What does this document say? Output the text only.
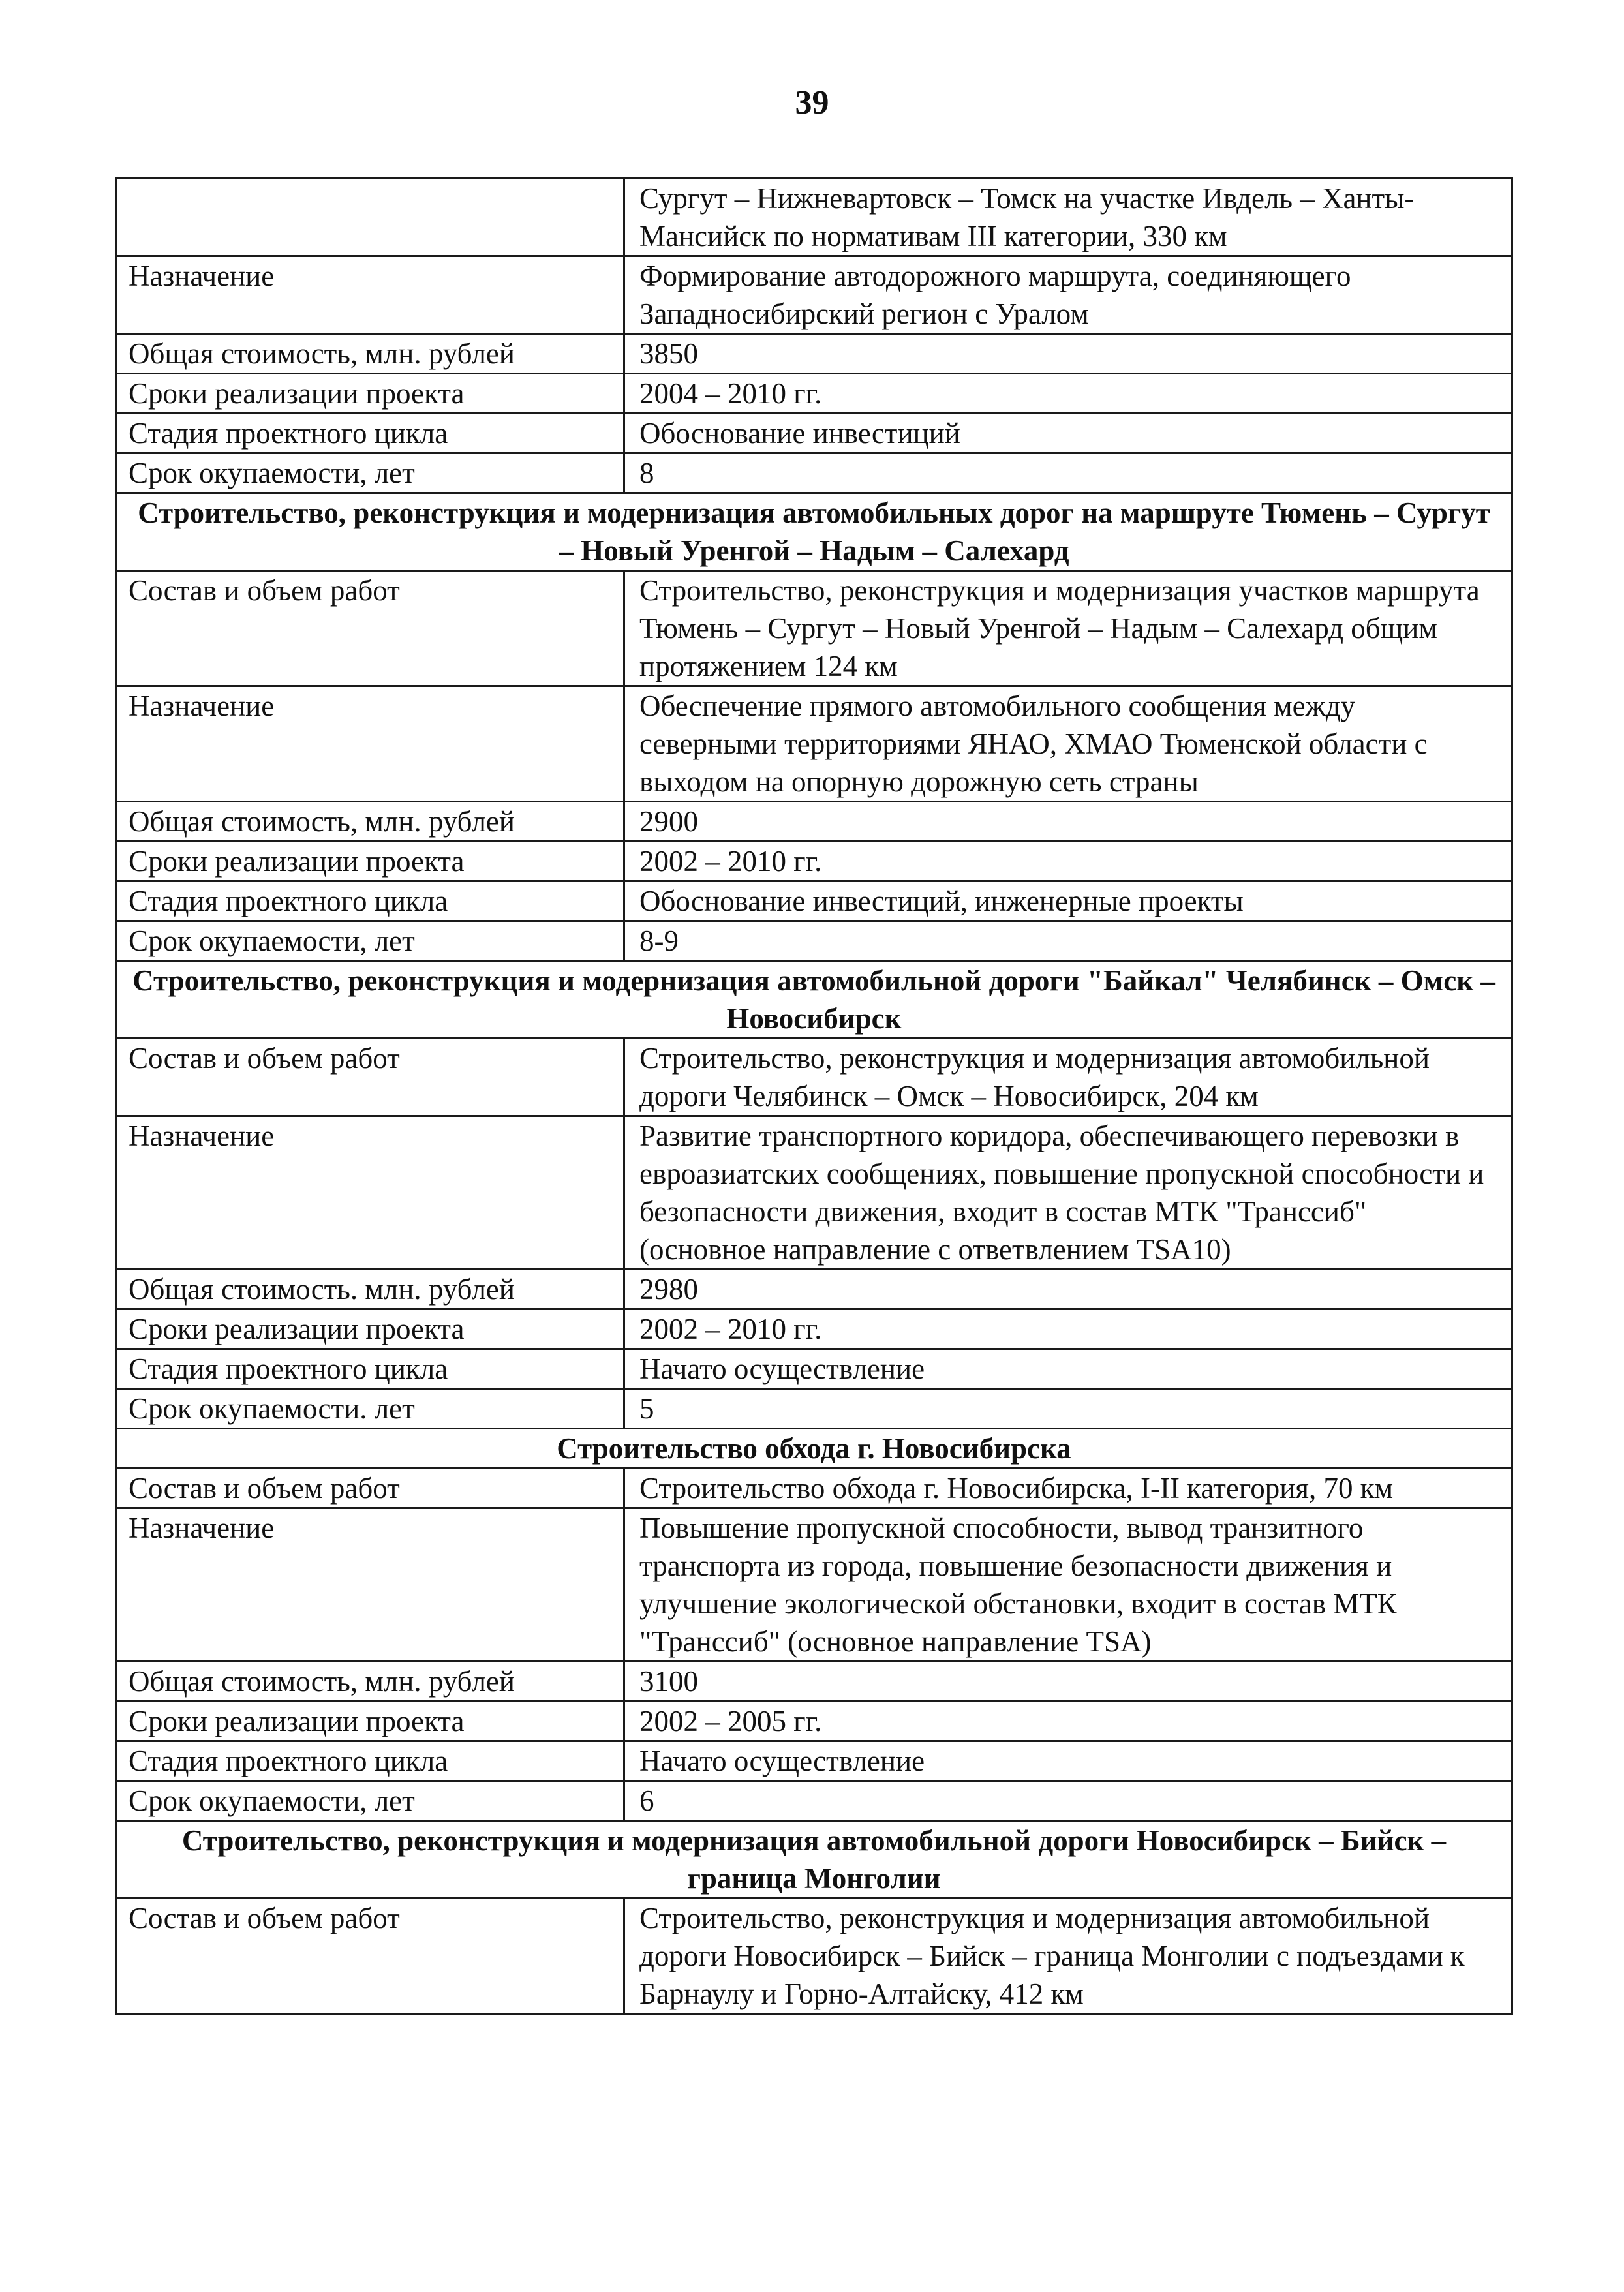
39
	Сургут – Нижневартовск – Томск на участке Ивдель – Ханты-Мансийск по нормативам III категории, 330 км
Назначение	Формирование автодорожного маршрута, соединяющего Западносибирский регион с Уралом
Общая стоимость, млн. рублей	3850
Сроки реализации проекта	2004 – 2010 гг.
Стадия проектного цикла	Обоснование инвестиций
Срок окупаемости, лет	8
Строительство, реконструкция и модернизация автомобильных дорог на маршруте Тюмень – Сургут – Новый Уренгой – Надым – Салехард	
Состав и объем работ	Строительство, реконструкция и модернизация участков маршрута Тюмень – Сургут – Новый Уренгой – Надым – Салехард общим протяжением 124 км
Назначение	Обеспечение прямого автомобильного сообщения между северными территориями ЯНАО, ХМАО Тюменской области с выходом на опорную дорожную сеть страны
Общая стоимость, млн. рублей	2900
Сроки реализации проекта	2002 – 2010 гг.
Стадия проектного цикла	Обоснование инвестиций, инженерные проекты
Срок окупаемости, лет	8-9
Строительство, реконструкция и модернизация автомобильной дороги "Байкал" Челябинск – Омск – Новосибирск	
Состав и объем работ	Строительство, реконструкция и модернизация автомобильной дороги Челябинск – Омск – Новосибирск, 204 км
Назначение	Развитие транспортного коридора, обеспечивающего перевозки в евроазиатских сообщениях, повышение пропускной способности и безопасности движения, входит в состав МТК "Транссиб" (основное направление с ответвлением TSA10)
Общая стоимость. млн. рублей	2980
Сроки реализации проекта	2002 – 2010 гг.
Стадия проектного цикла	Начато осуществление
Срок окупаемости. лет	5
Строительство обхода г. Новосибирска	
Состав и объем работ	Строительство обхода г. Новосибирска, I-II категория, 70 км
Назначение	Повышение пропускной способности, вывод транзитного транспорта из города, повышение безопасности движения и улучшение экологической обстановки, входит в состав МТК "Транссиб" (основное направление TSA)
Общая стоимость, млн. рублей	3100
Сроки реализации проекта	2002 – 2005 гг.
Стадия проектного цикла	Начато осуществление
Срок окупаемости, лет	6
Строительство, реконструкция и модернизация автомобильной дороги Новосибирск – Бийск – граница Монголии	
Состав и объем работ	Строительство, реконструкция и модернизация автомобильной дороги Новосибирск – Бийск – граница Монголии с подъездами к Барнаулу и Горно-Алтайску, 412 км
